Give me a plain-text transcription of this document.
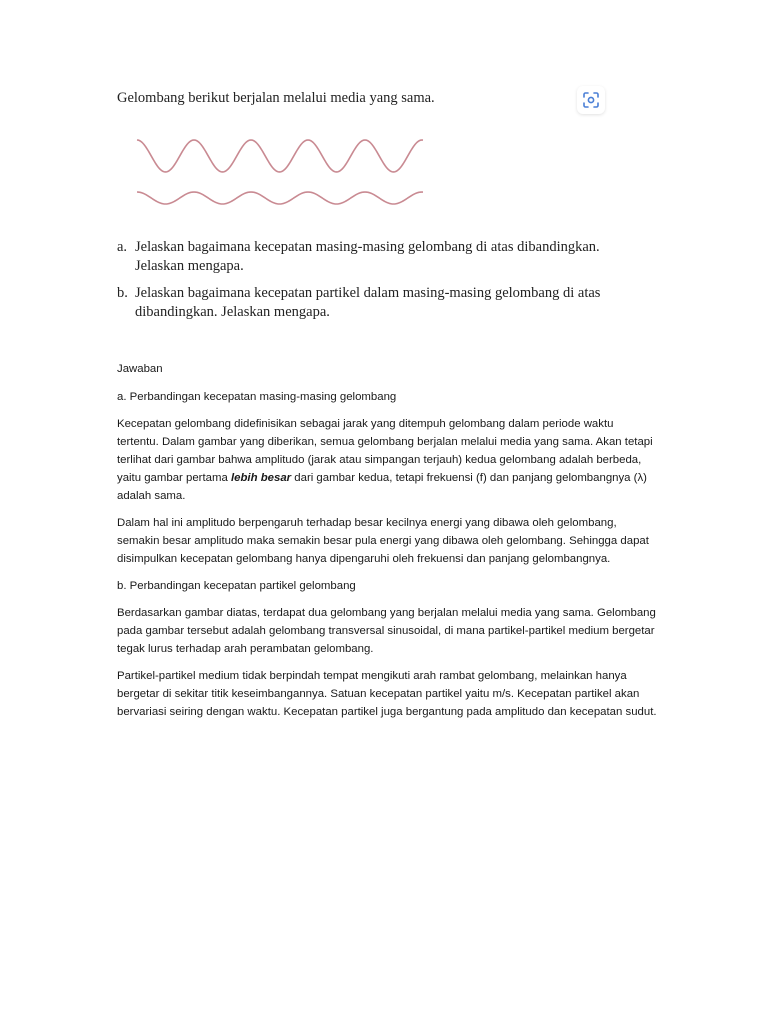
Gelombang berikut berjalan melalui media yang sama.

a. Jelaskan bagaimana kecepatan masing-masing gelombang di atas dibandingkan. Jelaskan mengapa.
b. Jelaskan bagaimana kecepatan partikel dalam masing-masing gelombang di atas dibandingkan. Jelaskan mengapa.

Jawaban

a. Perbandingan kecepatan masing-masing gelombang

Kecepatan gelombang didefinisikan sebagai jarak yang ditempuh gelombang dalam periode waktu tertentu. Dalam gambar yang diberikan, semua gelombang berjalan melalui media yang sama. Akan tetapi terlihat dari gambar bahwa amplitudo (jarak atau simpangan terjauh) kedua gelombang adalah berbeda, yaitu gambar pertama lebih besar dari gambar kedua, tetapi frekuensi (f) dan panjang gelombangnya (λ) adalah sama.

Dalam hal ini amplitudo berpengaruh terhadap besar kecilnya energi yang dibawa oleh gelombang, semakin besar amplitudo maka semakin besar pula energi yang dibawa oleh gelombang. Sehingga dapat disimpulkan kecepatan gelombang hanya dipengaruhi oleh frekuensi dan panjang gelombangnya.

b. Perbandingan kecepatan partikel gelombang

Berdasarkan gambar diatas, terdapat dua gelombang yang berjalan melalui media yang sama. Gelombang pada gambar tersebut adalah gelombang transversal sinusoidal, di mana partikel-partikel medium bergetar tegak lurus terhadap arah perambatan gelombang.

Partikel-partikel medium tidak berpindah tempat mengikuti arah rambat gelombang, melainkan hanya bergetar di sekitar titik keseimbangannya. Satuan kecepatan partikel yaitu m/s. Kecepatan partikel akan bervariasi seiring dengan waktu. Kecepatan partikel juga bergantung pada amplitudo dan kecepatan sudut.
